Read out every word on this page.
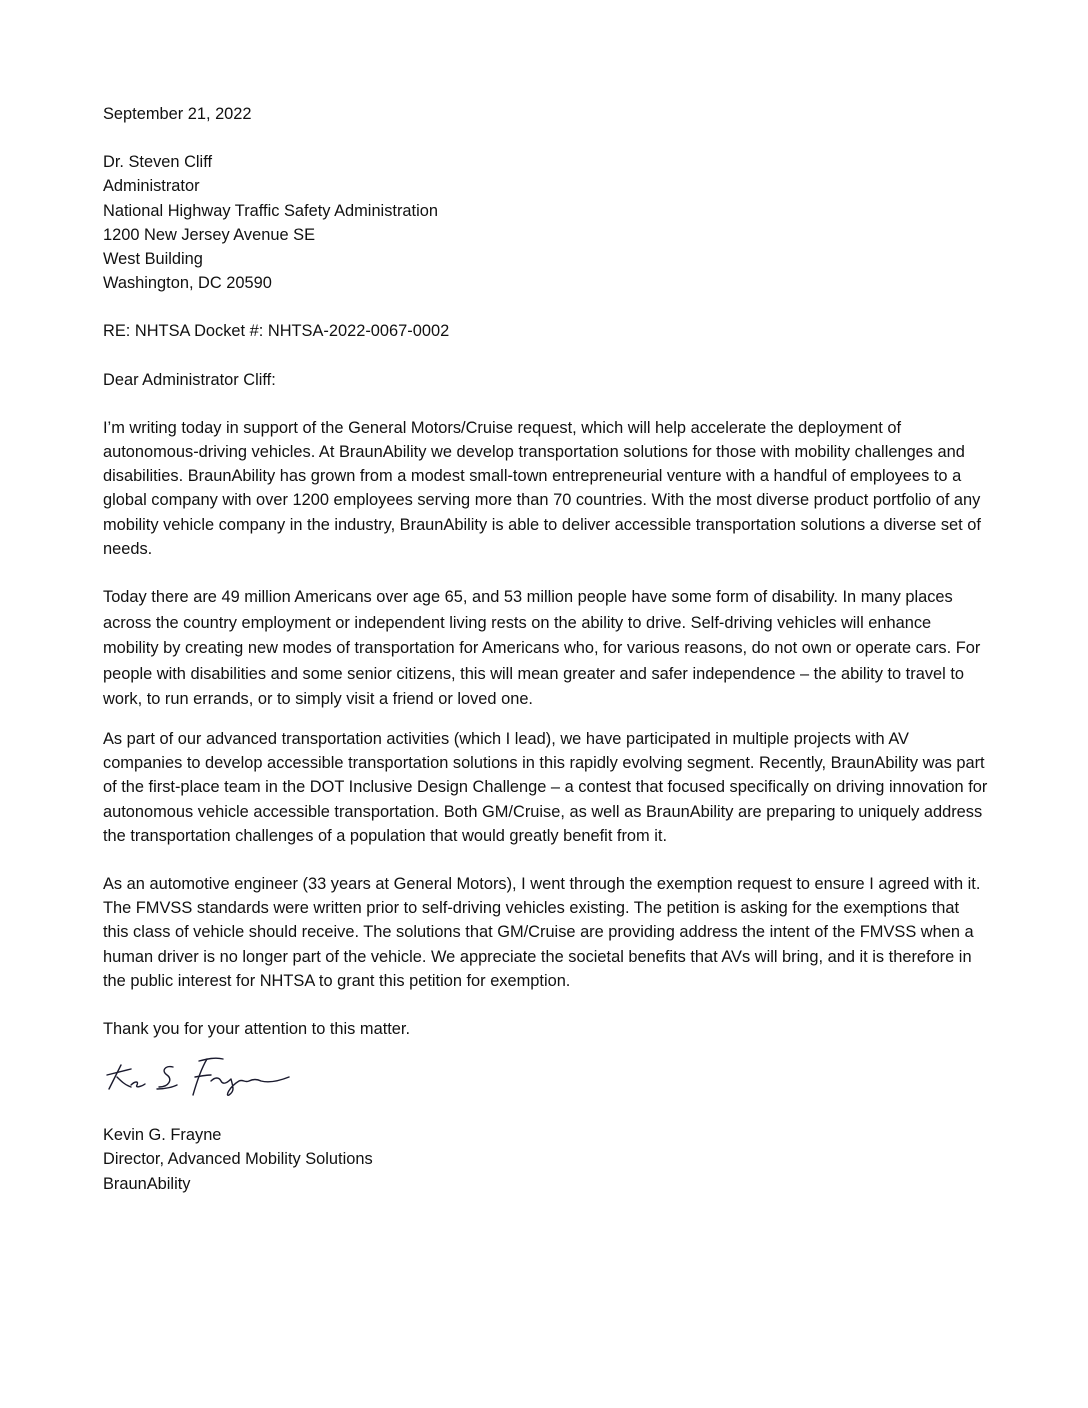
September 21, 2022
Dr. Steven Cliff
Administrator
National Highway Traffic Safety Administration
1200 New Jersey Avenue SE
West Building
Washington, DC 20590
RE: NHTSA Docket #: NHTSA-2022-0067-0002
Dear Administrator Cliff:

I’m writing today in support of the General Motors/Cruise request, which will help accelerate the deployment of autonomous-driving vehicles. At BraunAbility we develop transportation solutions for those with mobility challenges and disabilities. BraunAbility has grown from a modest small-town entrepreneurial venture with a handful of employees to a global company with over 1200 employees serving more than 70 countries. With the most diverse product portfolio of any mobility vehicle company in the industry, BraunAbility is able to deliver accessible transportation solutions a diverse set of needs.

Today there are 49 million Americans over age 65, and 53 million people have some form of disability. In many places across the country employment or independent living rests on the ability to drive. Self-driving vehicles will enhance mobility by creating new modes of transportation for Americans who, for various reasons, do not own or operate cars. For people with disabilities and some senior citizens, this will mean greater and safer independence – the ability to travel to work, to run errands, or to simply visit a friend or loved one.

As part of our advanced transportation activities (which I lead), we have participated in multiple projects with AV companies to develop accessible transportation solutions in this rapidly evolving segment. Recently, BraunAbility was part of the first-place team in the DOT Inclusive Design Challenge – a contest that focused specifically on driving innovation for autonomous vehicle accessible transportation. Both GM/Cruise, as well as BraunAbility are preparing to uniquely address the transportation challenges of a population that would greatly benefit from it.

As an automotive engineer (33 years at General Motors), I went through the exemption request to ensure I agreed with it. The FMVSS standards were written prior to self-driving vehicles existing. The petition is asking for the exemptions that this class of vehicle should receive. The solutions that GM/Cruise are providing address the intent of the FMVSS when a human driver is no longer part of the vehicle. We appreciate the societal benefits that AVs will bring, and it is therefore in the public interest for NHTSA to grant this petition for exemption.

Thank you for your attention to this matter.
Kevin G. Frayne
Director, Advanced Mobility Solutions
BraunAbility
